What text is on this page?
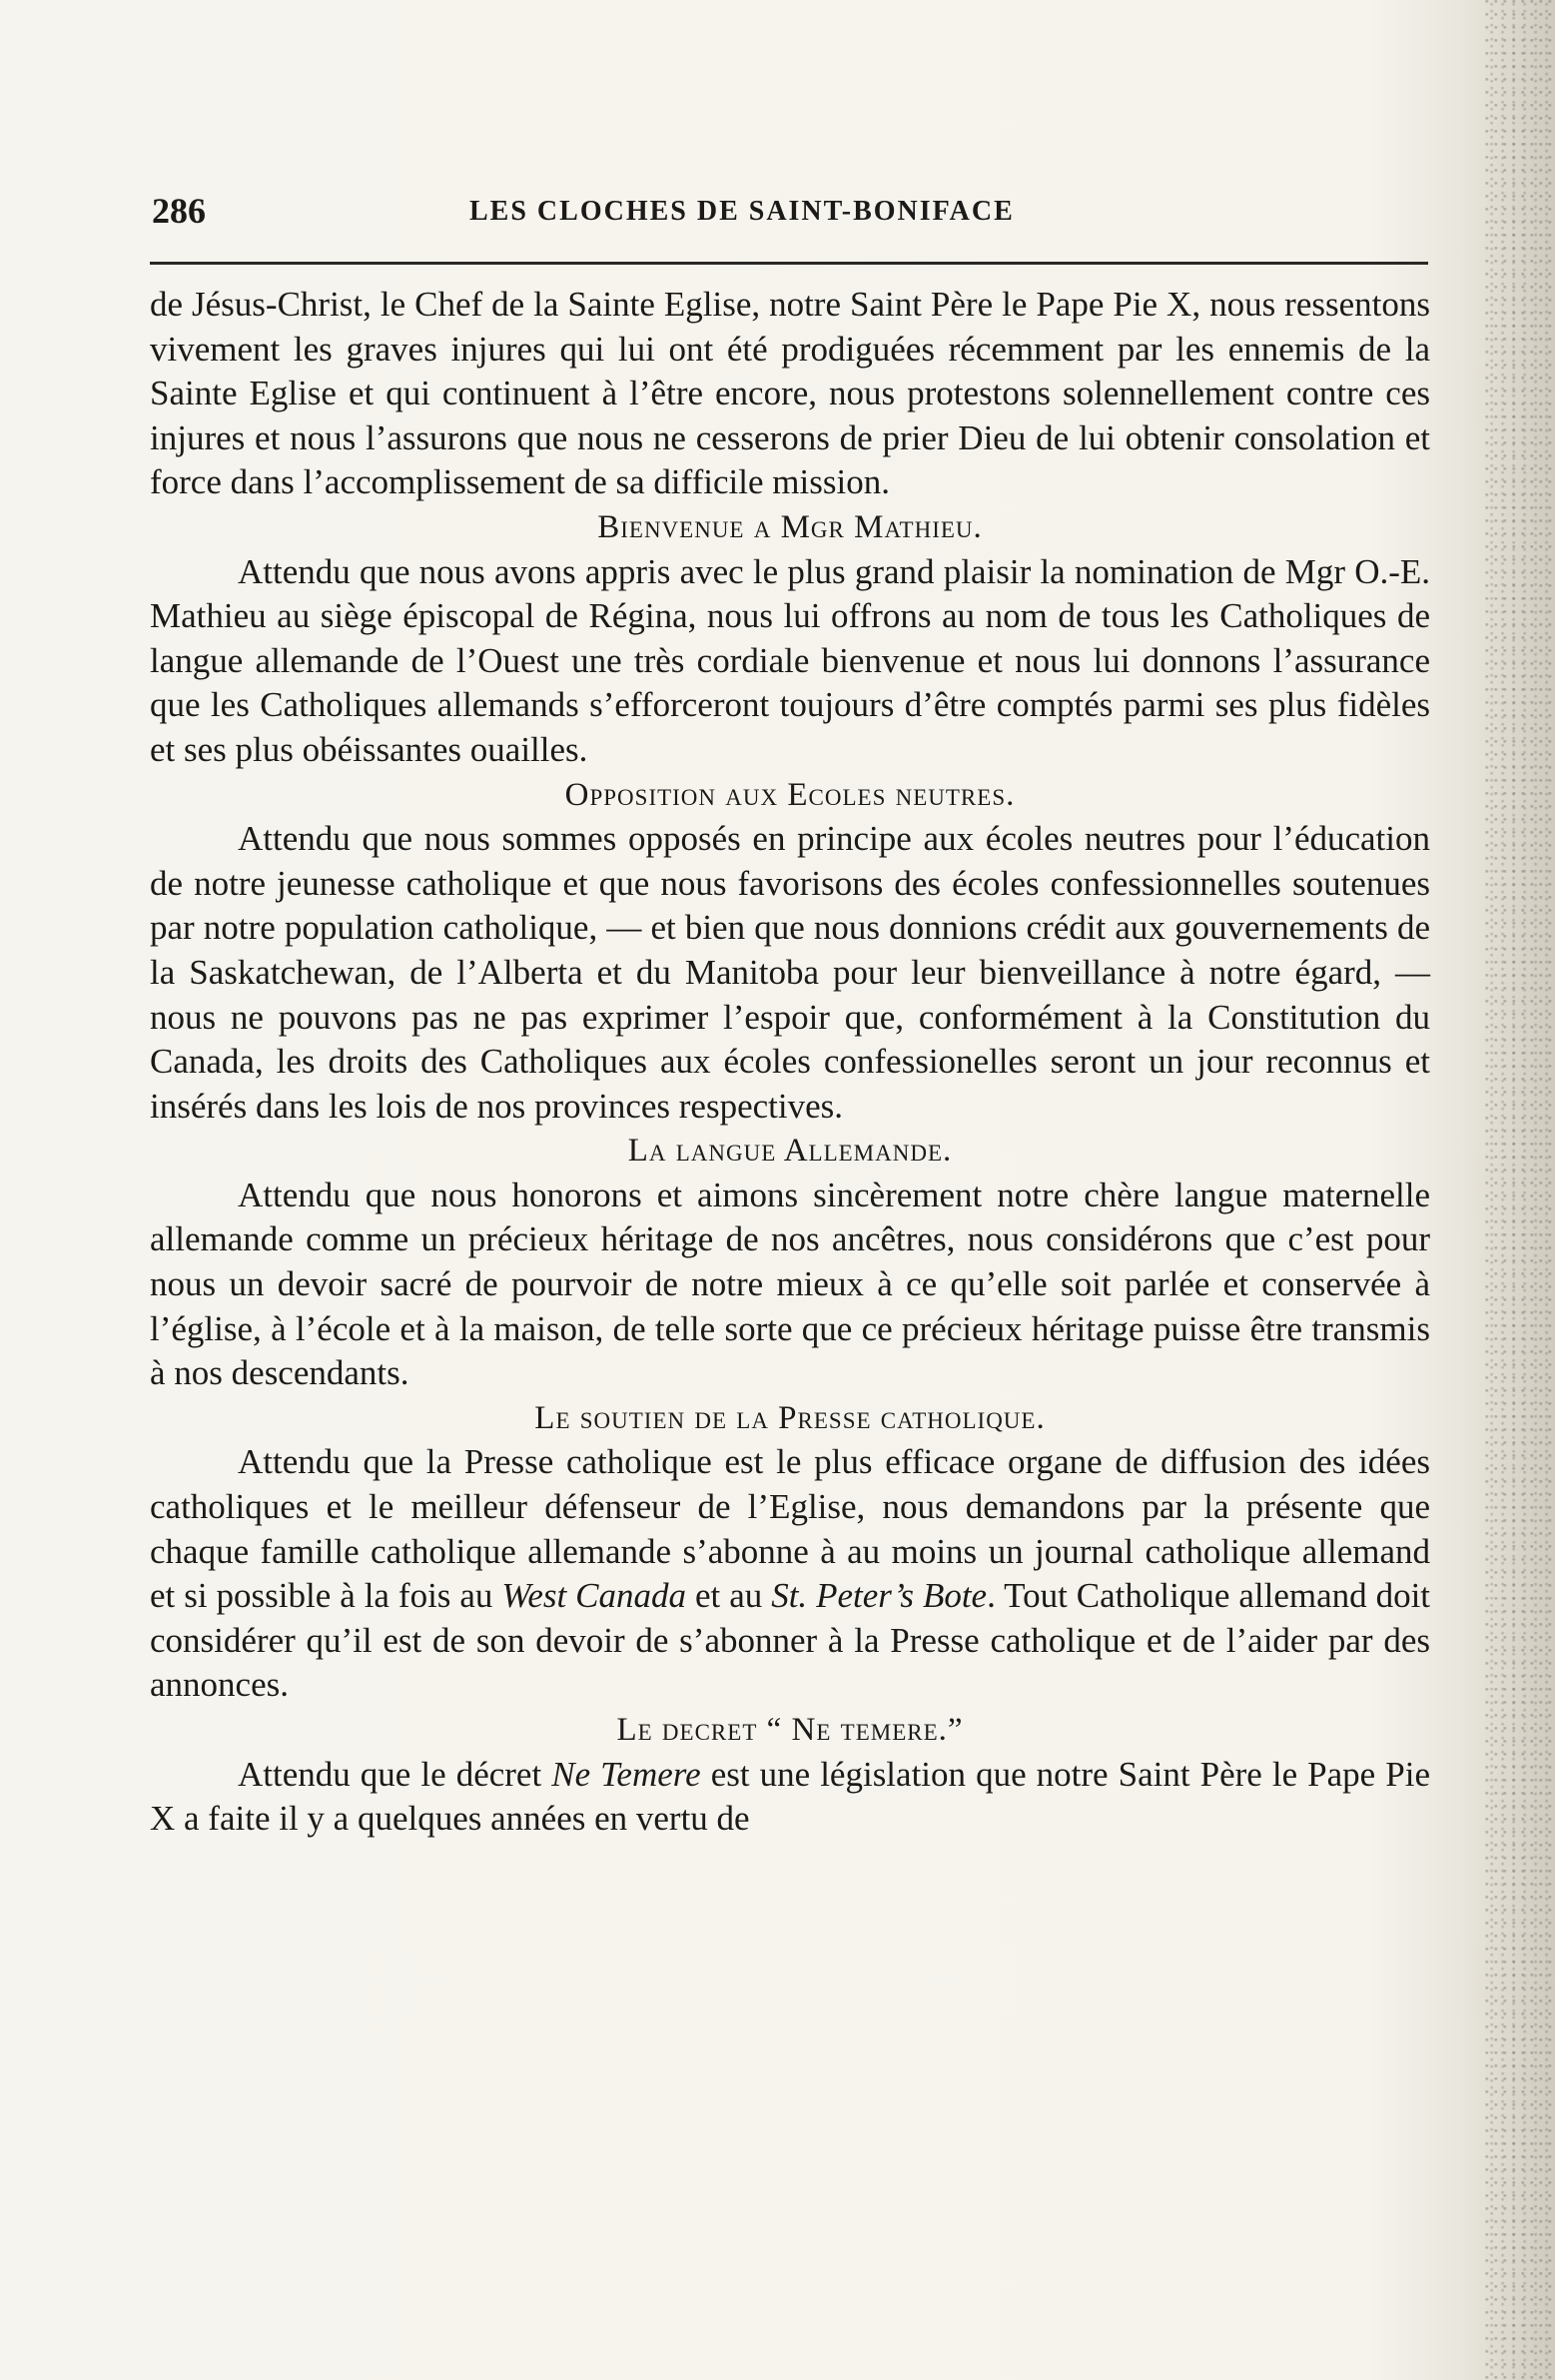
286	LES CLOCHES DE SAINT-BONIFACE

de Jésus-Christ, le Chef de la Sainte Eglise, notre Saint Père le Pape Pie X, nous ressentons vivement les graves injures qui lui ont été prodiguées récemment par les ennemis de la Sainte Eglise et qui continuent à l’être encore, nous protestons solennellement contre ces injures et nous l’assurons que nous ne cesserons de prier Dieu de lui obtenir consolation et force dans l’accomplissement de sa difficile mission.

Bienvenue a Mgr Mathieu.

Attendu que nous avons appris avec le plus grand plaisir la nomination de Mgr O.-E. Mathieu au siège épiscopal de Régina, nous lui offrons au nom de tous les Catholiques de langue allemande de l’Ouest une très cordiale bienvenue et nous lui donnons l’assurance que les Catholiques allemands s’efforceront toujours d’être comptés parmi ses plus fidèles et ses plus obéissantes ouailles.

Opposition aux Ecoles neutres.

Attendu que nous sommes opposés en principe aux écoles neutres pour l’éducation de notre jeunesse catholique et que nous favorisons des écoles confessionnelles soutenues par notre population catholique, — et bien que nous donnions crédit aux gouvernements de la Saskatchewan, de l’Alberta et du Manitoba pour leur bienveillance à notre égard, — nous ne pouvons pas ne pas exprimer l’espoir que, conformément à la Constitution du Canada, les droits des Catholiques aux écoles confessionelles seront un jour reconnus et insérés dans les lois de nos provinces respectives.

La langue Allemande.

Attendu que nous honorons et aimons sincèrement notre chère langue maternelle allemande comme un précieux héritage de nos ancêtres, nous considérons que c’est pour nous un devoir sacré de pourvoir de notre mieux à ce qu’elle soit parlée et conservée à l’église, à l’école et à la maison, de telle sorte que ce précieux héritage puisse être transmis à nos descendants.

Le soutien de la Presse catholique.

Attendu que la Presse catholique est le plus efficace organe de diffusion des idées catholiques et le meilleur défenseur de l’Eglise, nous demandons par la présente que chaque famille catholique allemande s’abonne à au moins un journal catholique allemand et si possible à la fois au West Canada et au St. Peter’s Bote. Tout Catholique allemand doit considérer qu’il est de son devoir de s’abonner à la Presse catholique et de l’aider par des annonces.

Le decret “ Ne temere.”

Attendu que le décret Ne Temere est une législation que notre Saint Père le Pape Pie X a faite il y a quelques années en vertu de
